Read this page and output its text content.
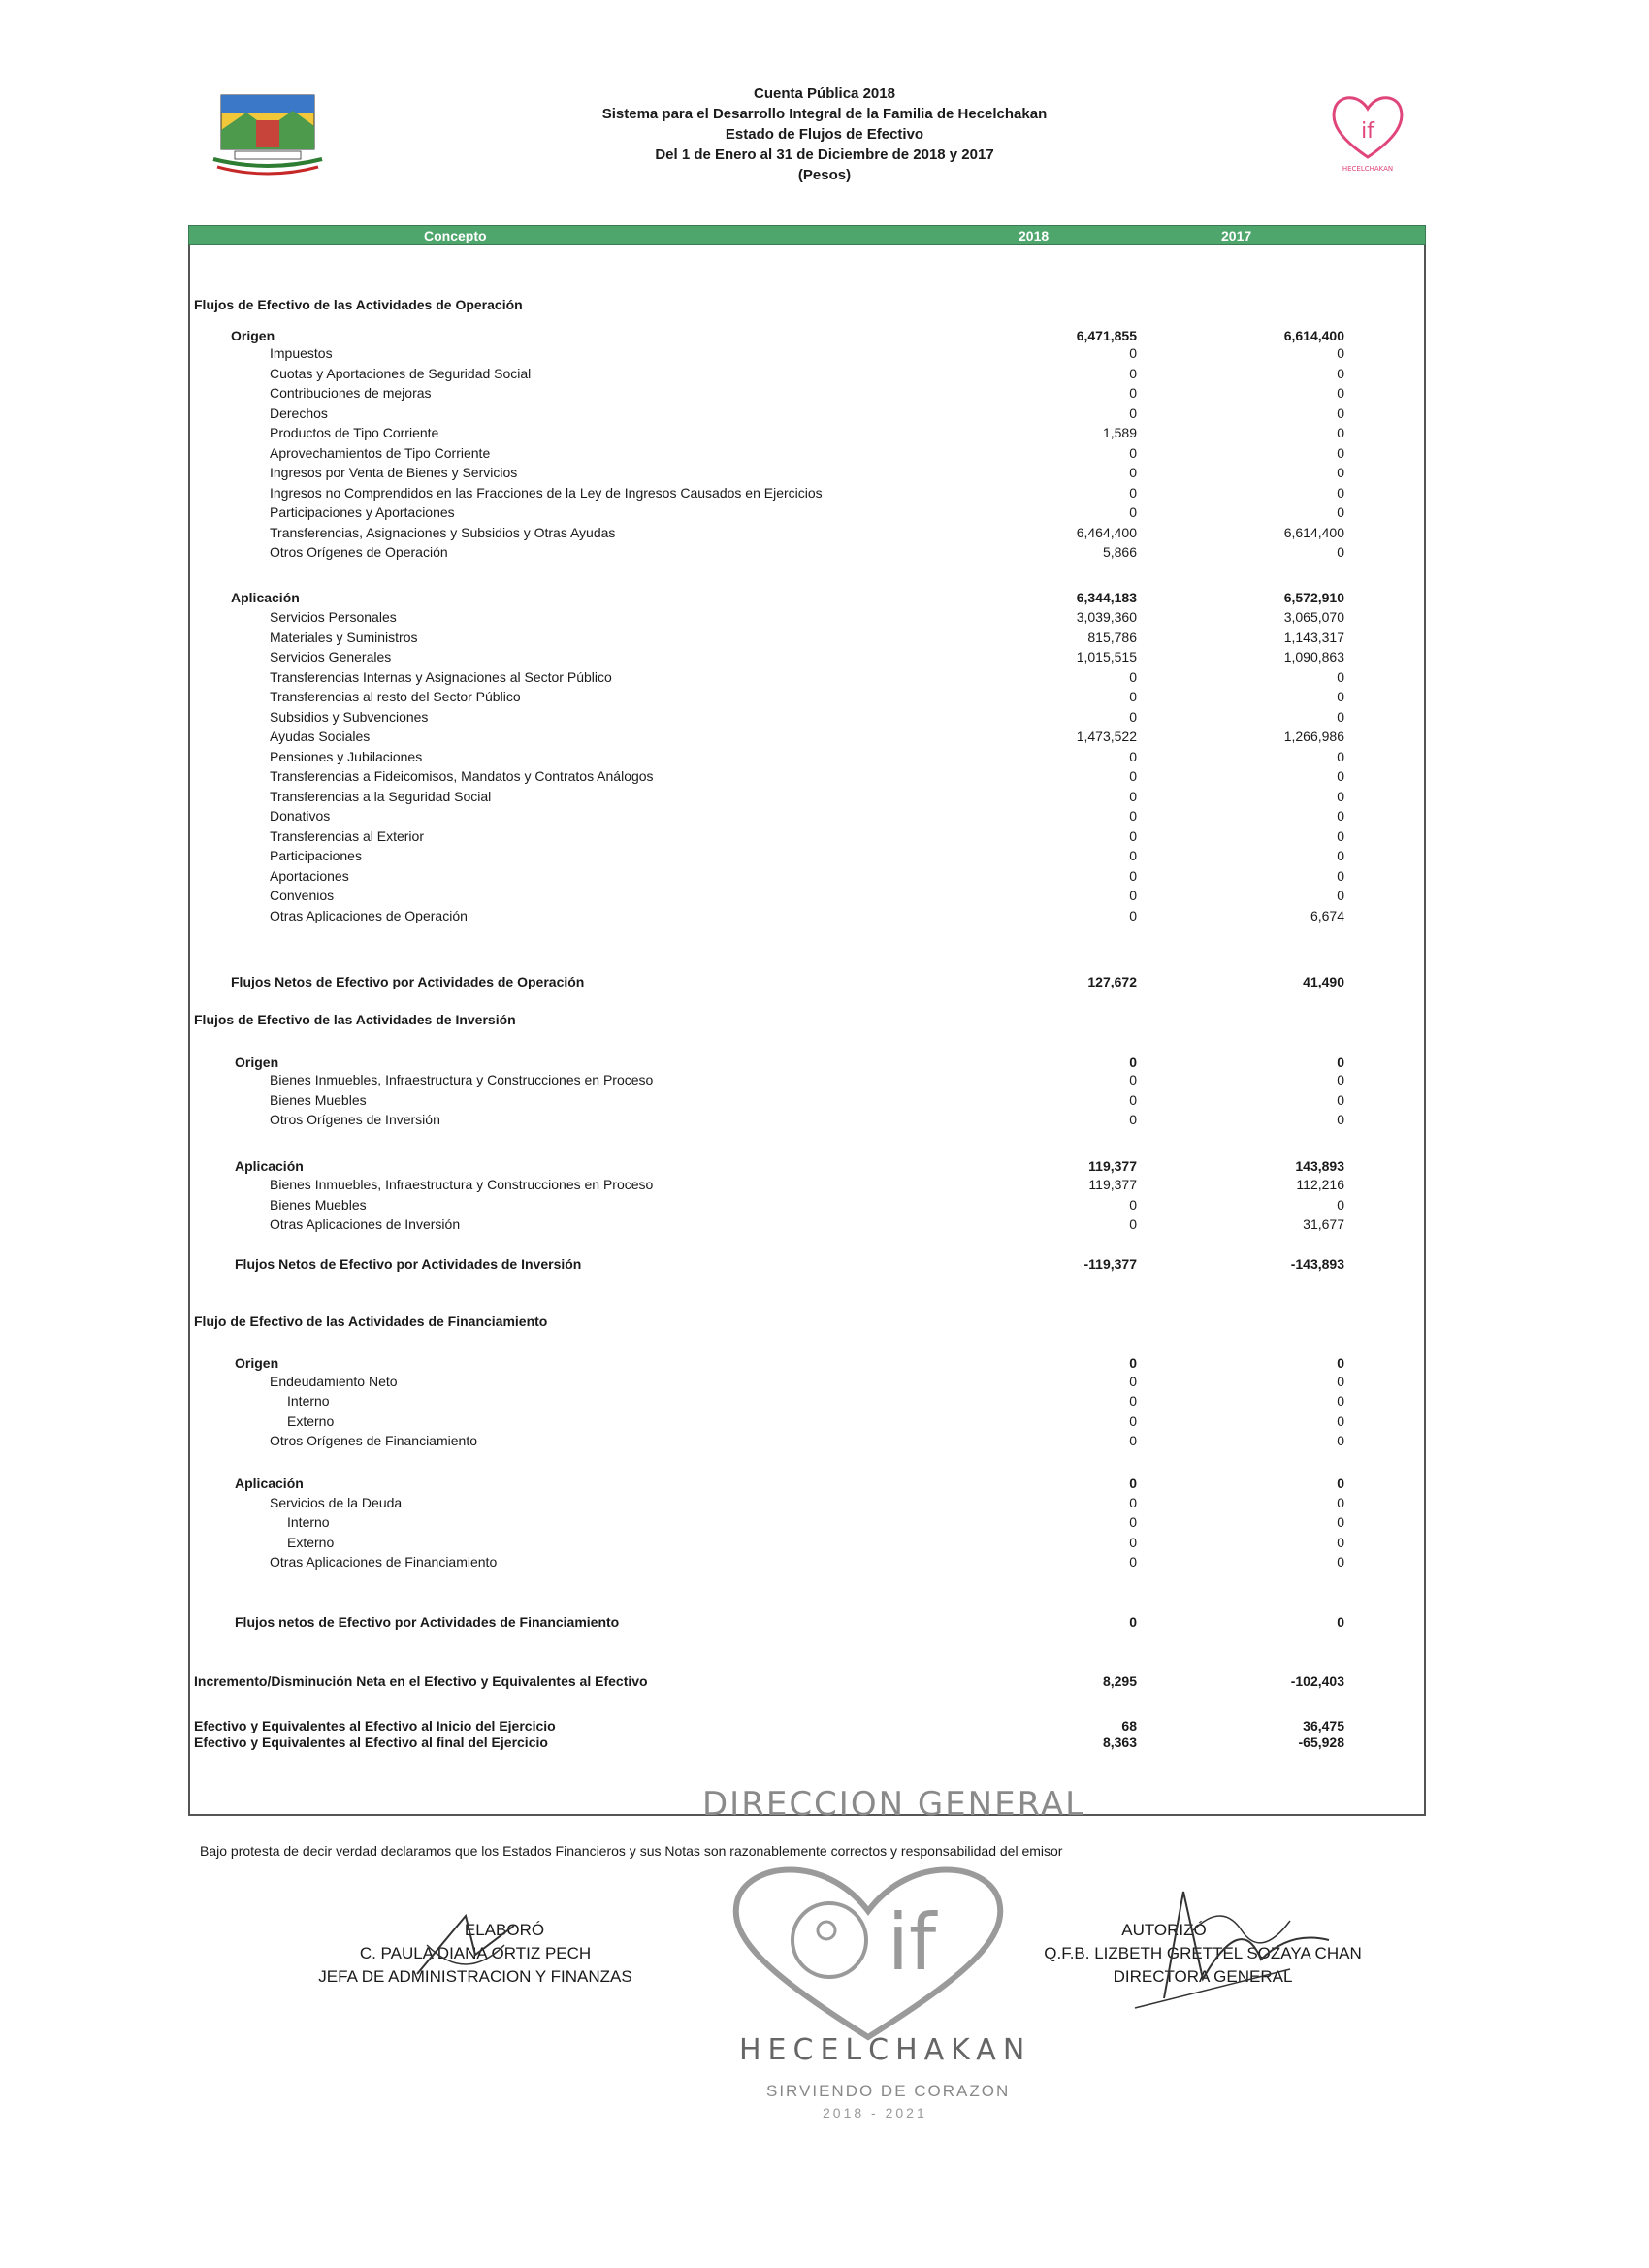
Cuenta Pública 2018
Sistema para el Desarrollo Integral de la Familia de Hecelchakan
Estado de Flujos de Efectivo
Del 1 de Enero al 31 de Diciembre de 2018 y 2017
(Pesos)
if
HECELCHAKAN
Concepto	2018	2017
Flujos de Efectivo de las Actividades de Operación
Origen	6,471,855	6,614,400
Impuestos	0	0
Cuotas y Aportaciones de Seguridad Social	0	0
Contribuciones de mejoras	0	0
Derechos	0	0
Productos de Tipo Corriente	1,589	0
Aprovechamientos de Tipo Corriente	0	0
Ingresos por Venta de Bienes y Servicios	0	0
Ingresos no Comprendidos en las Fracciones de la Ley de Ingresos Causados en Ejercicios	0	0
Participaciones y Aportaciones	0	0
Transferencias, Asignaciones y Subsidios y Otras Ayudas	6,464,400	6,614,400
Otros Orígenes de Operación	5,866	0
Aplicación	6,344,183	6,572,910
Servicios Personales	3,039,360	3,065,070
Materiales y Suministros	815,786	1,143,317
Servicios Generales	1,015,515	1,090,863
Transferencias Internas y Asignaciones al Sector Público	0	0
Transferencias al resto del Sector Público	0	0
Subsidios y Subvenciones	0	0
Ayudas Sociales	1,473,522	1,266,986
Pensiones y Jubilaciones	0	0
Transferencias a Fideicomisos, Mandatos y Contratos Análogos	0	0
Transferencias a la Seguridad Social	0	0
Donativos	0	0
Transferencias al Exterior	0	0
Participaciones	0	0
Aportaciones	0	0
Convenios	0	0
Otras Aplicaciones de Operación	0	6,674
Flujos Netos de Efectivo por Actividades de Operación	127,672	41,490
Flujos de Efectivo de las Actividades de Inversión
Origen	0	0
Bienes Inmuebles, Infraestructura y Construcciones en Proceso	0	0
Bienes Muebles	0	0
Otros Orígenes de Inversión	0	0
Aplicación	119,377	143,893
Bienes Inmuebles, Infraestructura y Construcciones en Proceso	119,377	112,216
Bienes Muebles	0	0
Otras Aplicaciones de Inversión	0	31,677
Flujos Netos de Efectivo por Actividades de Inversión	-119,377	-143,893
Flujo de Efectivo de las Actividades de Financiamiento
Origen	0	0
Endeudamiento Neto	0	0
Interno	0	0
Externo	0	0
Otros Orígenes de Financiamiento	0	0
Aplicación	0	0
Servicios de la Deuda	0	0
Interno	0	0
Externo	0	0
Otras Aplicaciones de Financiamiento	0	0
Flujos netos de Efectivo por Actividades de Financiamiento	0	0
Incremento/Disminución Neta en el Efectivo y Equivalentes al Efectivo	8,295	-102,403
Efectivo y Equivalentes al Efectivo al Inicio del Ejercicio	68	36,475
Efectivo y Equivalentes al Efectivo al final del Ejercicio	8,363	-65,928
DIRECCION GENERAL
Bajo protesta de decir verdad declaramos que los Estados Financieros y sus Notas son razonablemente correctos y responsabilidad del emisor
if
HECELCHAKAN
SIRVIENDO DE CORAZON
2018 - 2021
ELABORÓ
C. PAULA DIANA ORTIZ PECH
JEFA DE ADMINISTRACION Y FINANZAS
AUTORIZÓ
Q.F.B. LIZBETH GRETTEL SOZAYA CHAN
DIRECTORA GENERAL
